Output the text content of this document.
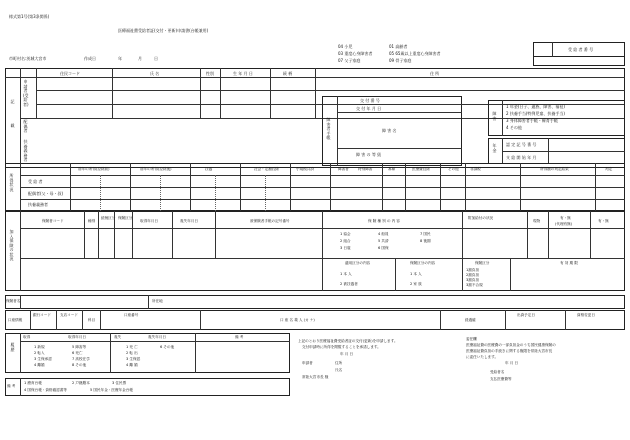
様式第1号(第3条関係)
医療福祉費受給者証(交付・更新)申請書(台帳兼用)
市町村名:茨城大宮市	作成日	年	月	日
04 小児
03 重度心身障害者
07 父子家庭
01 高齢者
05 65歳以上重度心身障害者
09 骨子家庭
受 給 者 番 号
住民コード	氏 名	性別	生 年 月 日	続 柄	住 所
記
載
申請者(受給者)
配偶者
扶養義務者
交 付 番 号
交 付 年 月 日
障害者手帳
障 害 名
障 害 の 等 級
障害
1 年金(日子、遺族、障害、福祉)
2 扶養手当(特例児童、扶養手当)
3 身体障害者手帳・療育手帳
4 その他
年金
認 定 記 号 番 号
支 給 開 始 年 月
所得状況
前年の所得(控除前)	前年の所得(控除後)	扶養	社会・定額控除	小規模共済	障害者	特別障害	寡婦	医療費控除	その他	非課税	所得額の判定結果	判定
受 給 者
配偶者(父・母・叔)
扶養義務者
加入保険の状況
保険者コード	種別
続柄区分 保険区分
取得年月日	喪失年月日	被保険者手帳の記号番号	保 険 種 別 の 内 容
附加給付の状況
現物
有・無
(代理有無)
有・無
1 協会	4 船員	7 国民
2 組合	5 共済	8 後期
3 日雇	6 国保
適用区分の内容	保険区分の内容
1 本 人
2 被扶養者
1 本 人
2 家 族
保険区分	有 効 期 限
1割負担
2割負担
3割負担
3割不合規
保険者名	所在地
口座情報
銀行コード	支店コード
科目
口座番号
口 座 名 義 人 (カ ナ)	経過確
出資予定日	資格変更日
履歴
取得	取得年月日	喪失	喪失年月日	備 考
1 新規
2 転入
3 生保承認
4 離婚
5 障害等
6 死亡
7 高校在学
8 その他
1 死 亡
2 転 出
3 生保認
4 離 婚
6 その他
上記のとおり医療福祉費受給者証の交付(更新)を申請します。
交付申請時に所得を閲覧することを承諾します。
年 月 日
申請者	住所
氏名
常陸大宮市長 様
委任欄
医療福祉費の医療費の一部負担金のうち国民健康保険の
医療福祉費負担の手続きに関する権限を常陸大宮市長
に委任いたします。
年 月 日
受給者名
支払医療費等
備 考
1 療育台帳	2 戸籍謄本	3 住民票
4 国保台帳・資格確認書等	5 国民年金・医療年金台帳
